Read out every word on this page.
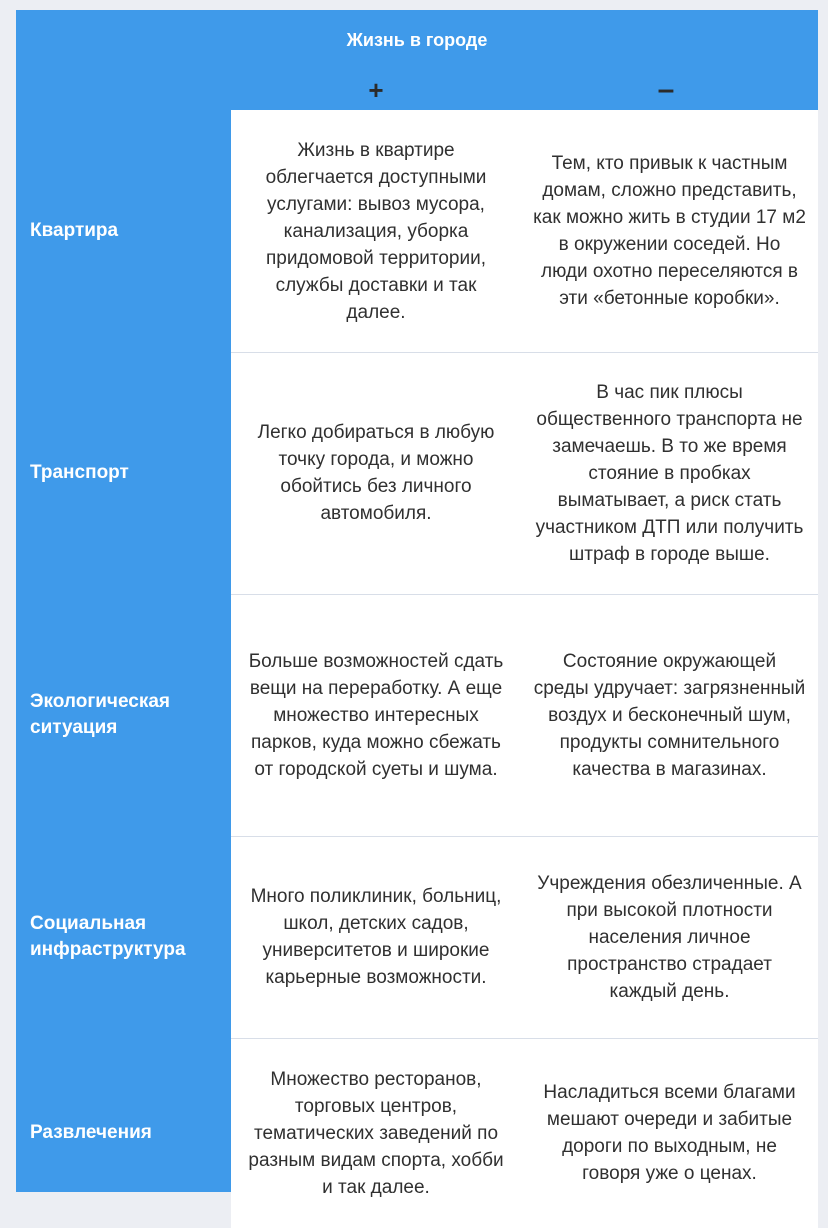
Жизнь в городе
+	–
Квартира
Жизнь в квартире облегчается доступными услугами: вывоз мусора, канализация, уборка придомовой территории, службы доставки и так далее.
Тем, кто привык к частным домам, сложно представить, как можно жить в студии 17 м2 в окружении соседей. Но люди охотно переселяются в эти «бетонные коробки».
Транспорт
Легко добираться в любую точку города, и можно обойтись без личного автомобиля.
В час пик плюсы общественного транспорта не замечаешь. В то же время стояние в пробках выматывает, а риск стать участником ДТП или получить штраф в городе выше.
Экологическая ситуация
Больше возможностей сдать вещи на переработку. А еще множество интересных парков, куда можно сбежать от городской суеты и шума.
Состояние окружающей среды удручает: загрязненный воздух и бесконечный шум, продукты сомнительного качества в магазинах.
Социальная инфраструктура
Много поликлиник, больниц, школ, детских садов, университетов и широкие карьерные возможности.
Учреждения обезличенные. А при высокой плотности населения личное пространство страдает каждый день.
Развлечения
Множество ресторанов, торговых центров, тематических заведений по разным видам спорта, хобби и так далее.
Насладиться всеми благами мешают очереди и забитые дороги по выходным, не говоря уже о ценах.
